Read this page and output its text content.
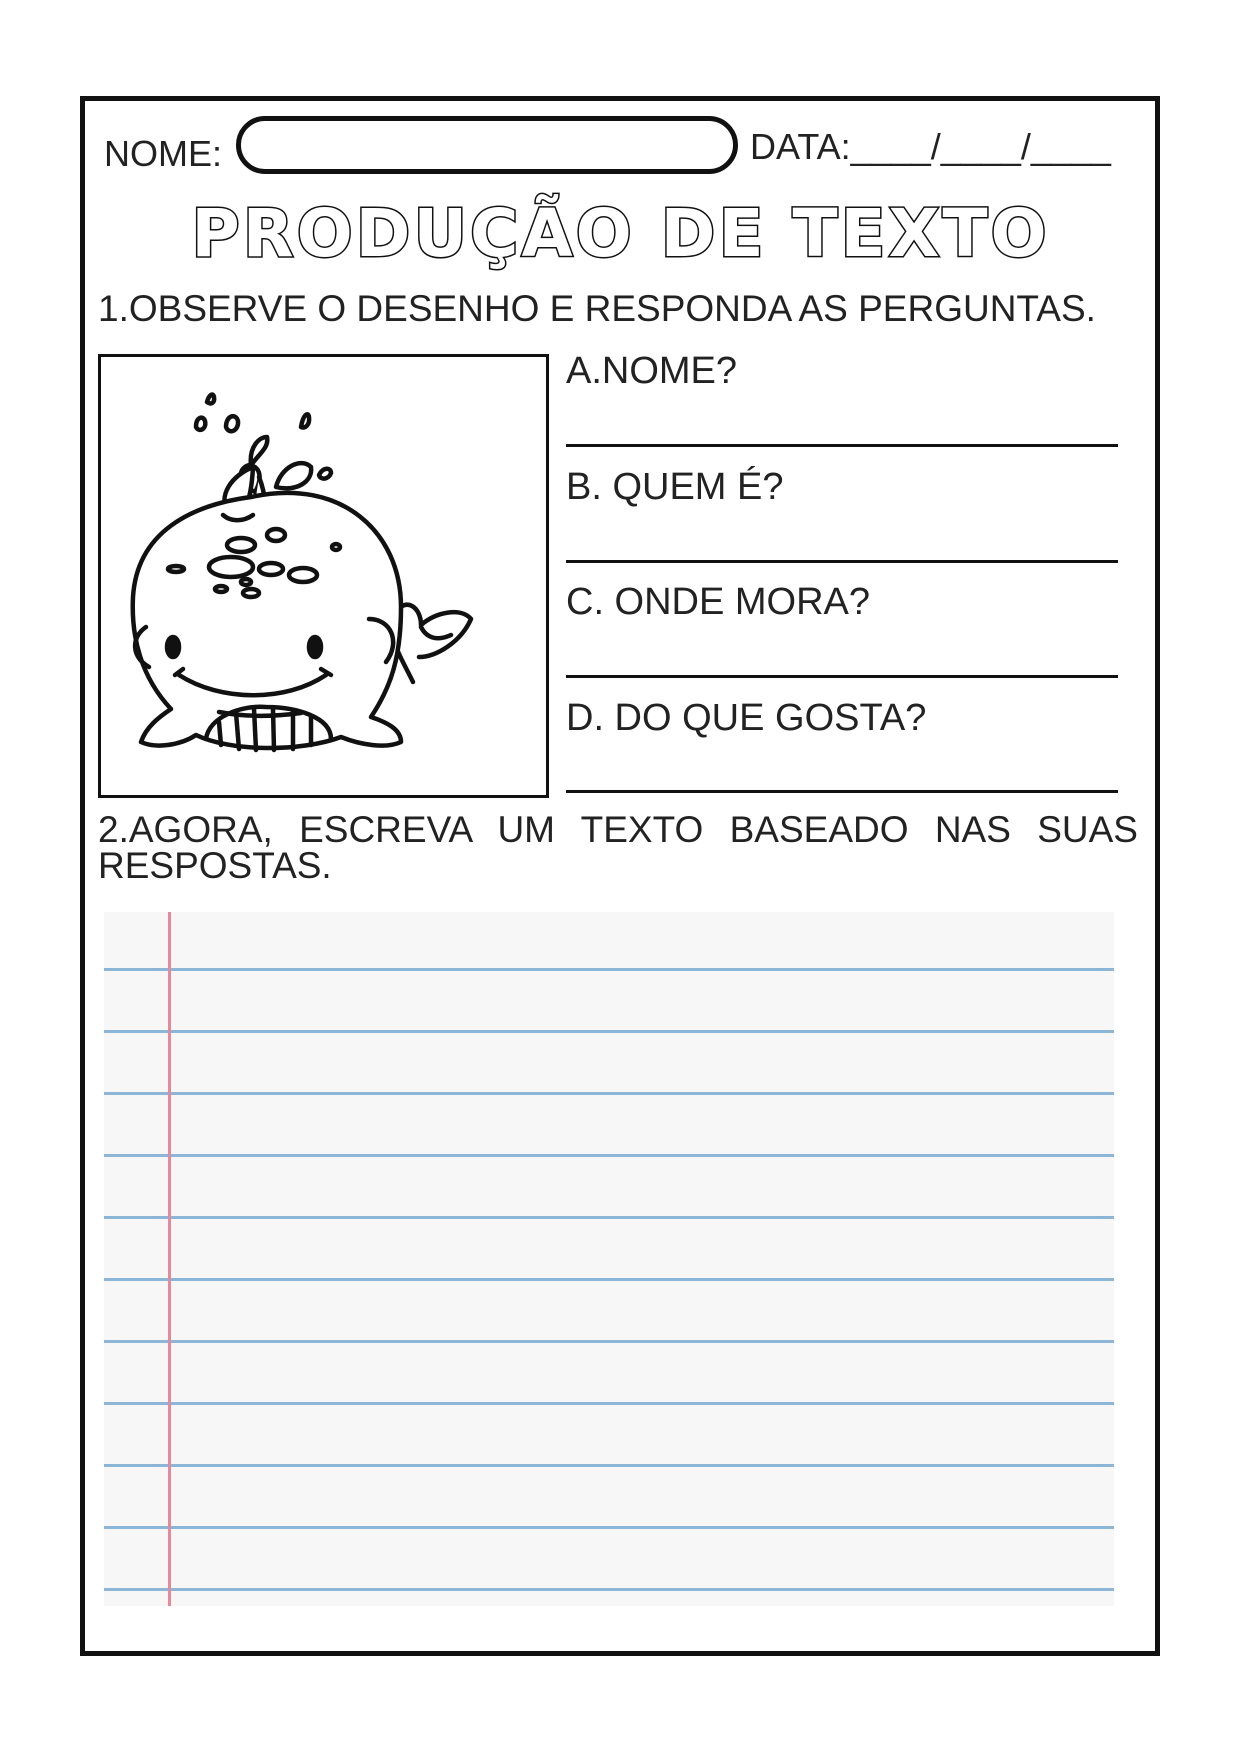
NOME:	DATA:____/____/____
PRODUÇÃO DE TEXTO
1.OBSERVE O DESENHO E RESPONDA AS PERGUNTAS.
A.NOME?
B. QUEM É?
C. ONDE MORA?
D. DO QUE GOSTA?
2.AGORA, ESCREVA UM TEXTO BASEADO NAS SUAS RESPOSTAS.
